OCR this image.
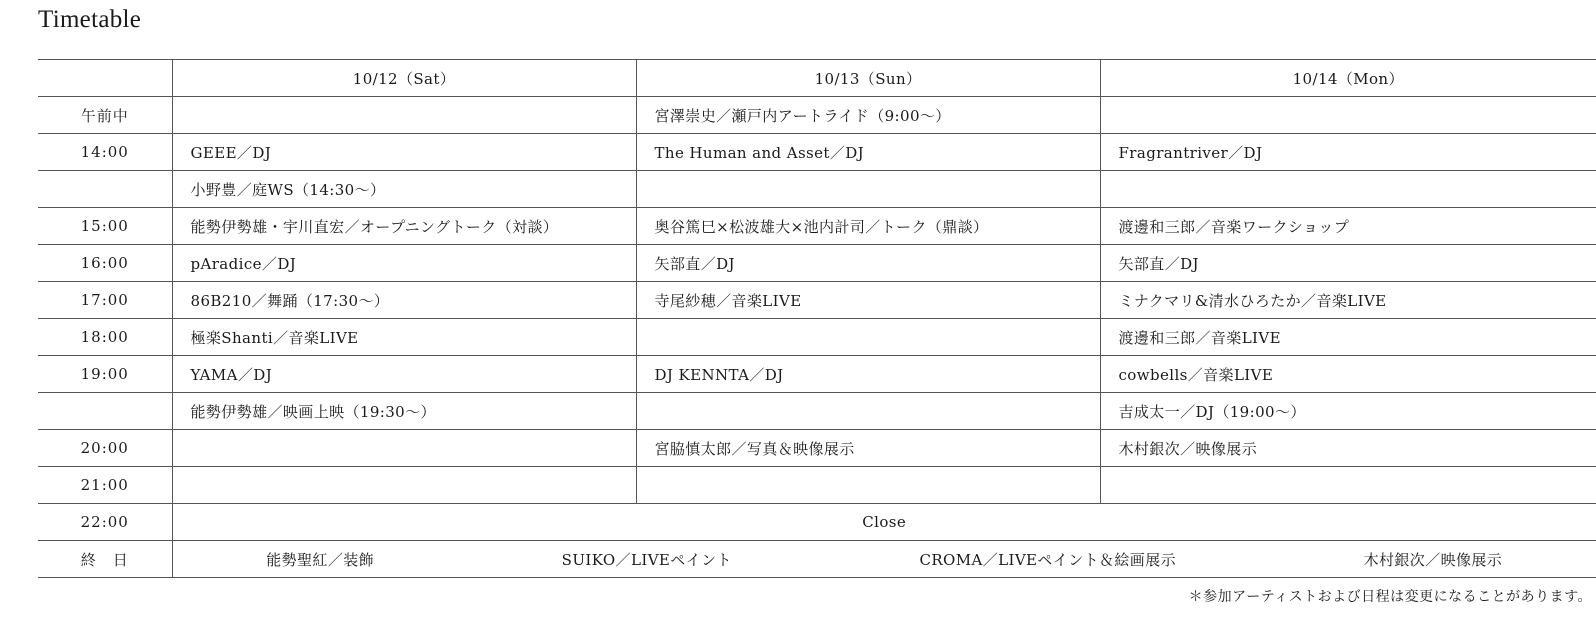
Timetable
	10/12（Sat）	10/13（Sun）	10/14（Mon）
午前中		宮澤崇史／瀬戸内アートライド（9:00～）	
14:00	GEEE／DJ	The Human and Asset／DJ	Fragrantriver／DJ
	小野豊／庭WS（14:30～）		
15:00	能勢伊勢雄・宇川直宏／オープニングトーク（対談）	奥谷篤巳×松波雄大×池内計司／トーク（鼎談）	渡邊和三郎／音楽ワークショップ
16:00	pAradice／DJ	矢部直／DJ	矢部直／DJ
17:00	86B210／舞踊（17:30～）	寺尾紗穂／音楽LIVE	ミナクマリ&清水ひろたか／音楽LIVE
18:00	極楽Shanti／音楽LIVE		渡邊和三郎／音楽LIVE
19:00	YAMA／DJ	DJ KENNTA／DJ	cowbells／音楽LIVE
	能勢伊勢雄／映画上映（19:30～）		吉成太一／DJ（19:00～）
20:00		宮脇慎太郎／写真＆映像展示	木村銀次／映像展示
21:00			
22:00	Close		
終　日	能勢聖紅／装飾 SUIKO／LIVEペイント CROMA／LIVEペイント＆絵画展示 木村銀次／映像展示		
＊参加アーティストおよび日程は変更になることがあります。
